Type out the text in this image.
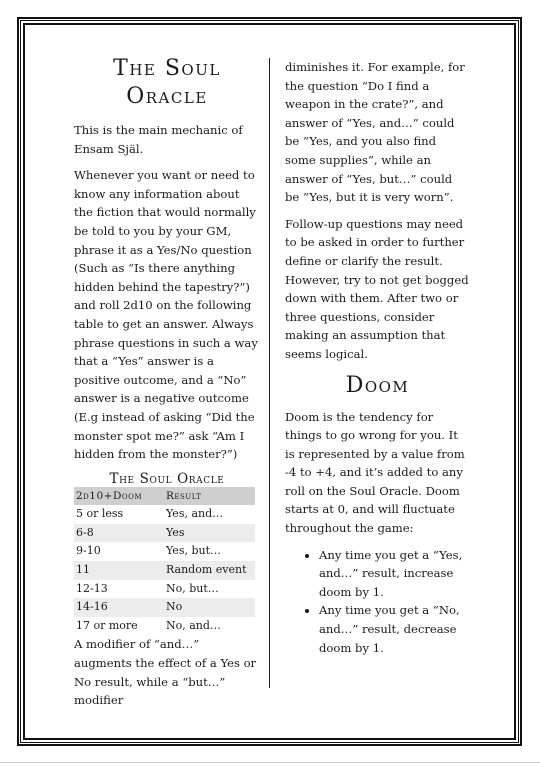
The Soul
Oracle

This is the main mechanic of Ensam Själ.

Whenever you want or need to know any information about the fiction that would normally be told to you by your GM, phrase it as a Yes/No question (Such as “Is there anything hidden behind the tapestry?”) and roll 2d10 on the following table to get an answer. Always phrase questions in such a way that a “Yes” answer is a positive outcome, and a “No” answer is a negative outcome (E.g instead of asking “Did the monster spot me?” ask “Am I hidden from the monster?”)

The Soul Oracle
2d10+Doom	Result
5 or less	Yes, and…
6-8	Yes
9-10	Yes, but…
11	Random event
12-13	No, but…
14-16	No
17 or more	No, and…

A modifier of “and…” augments the effect of a Yes or No result, while a “but…” modifier

diminishes it. For example, for the question “Do I find a weapon in the crate?”, and answer of “Yes, and…” could be “Yes, and you also find some supplies”, while an answer of “Yes, but…” could be “Yes, but it is very worn”.

Follow-up questions may need to be asked in order to further define or clarify the result. However, try to not get bogged down with them. After two or three questions, consider making an assumption that seems logical.

Doom

Doom is the tendency for things to go wrong for you. It is represented by a value from -4 to +4, and it’s added to any roll on the Soul Oracle. Doom starts at 0, and will fluctuate throughout the game:

• Any time you get a “Yes, and…” result, increase doom by 1.
• Any time you get a “No, and…” result, decrease doom by 1.
